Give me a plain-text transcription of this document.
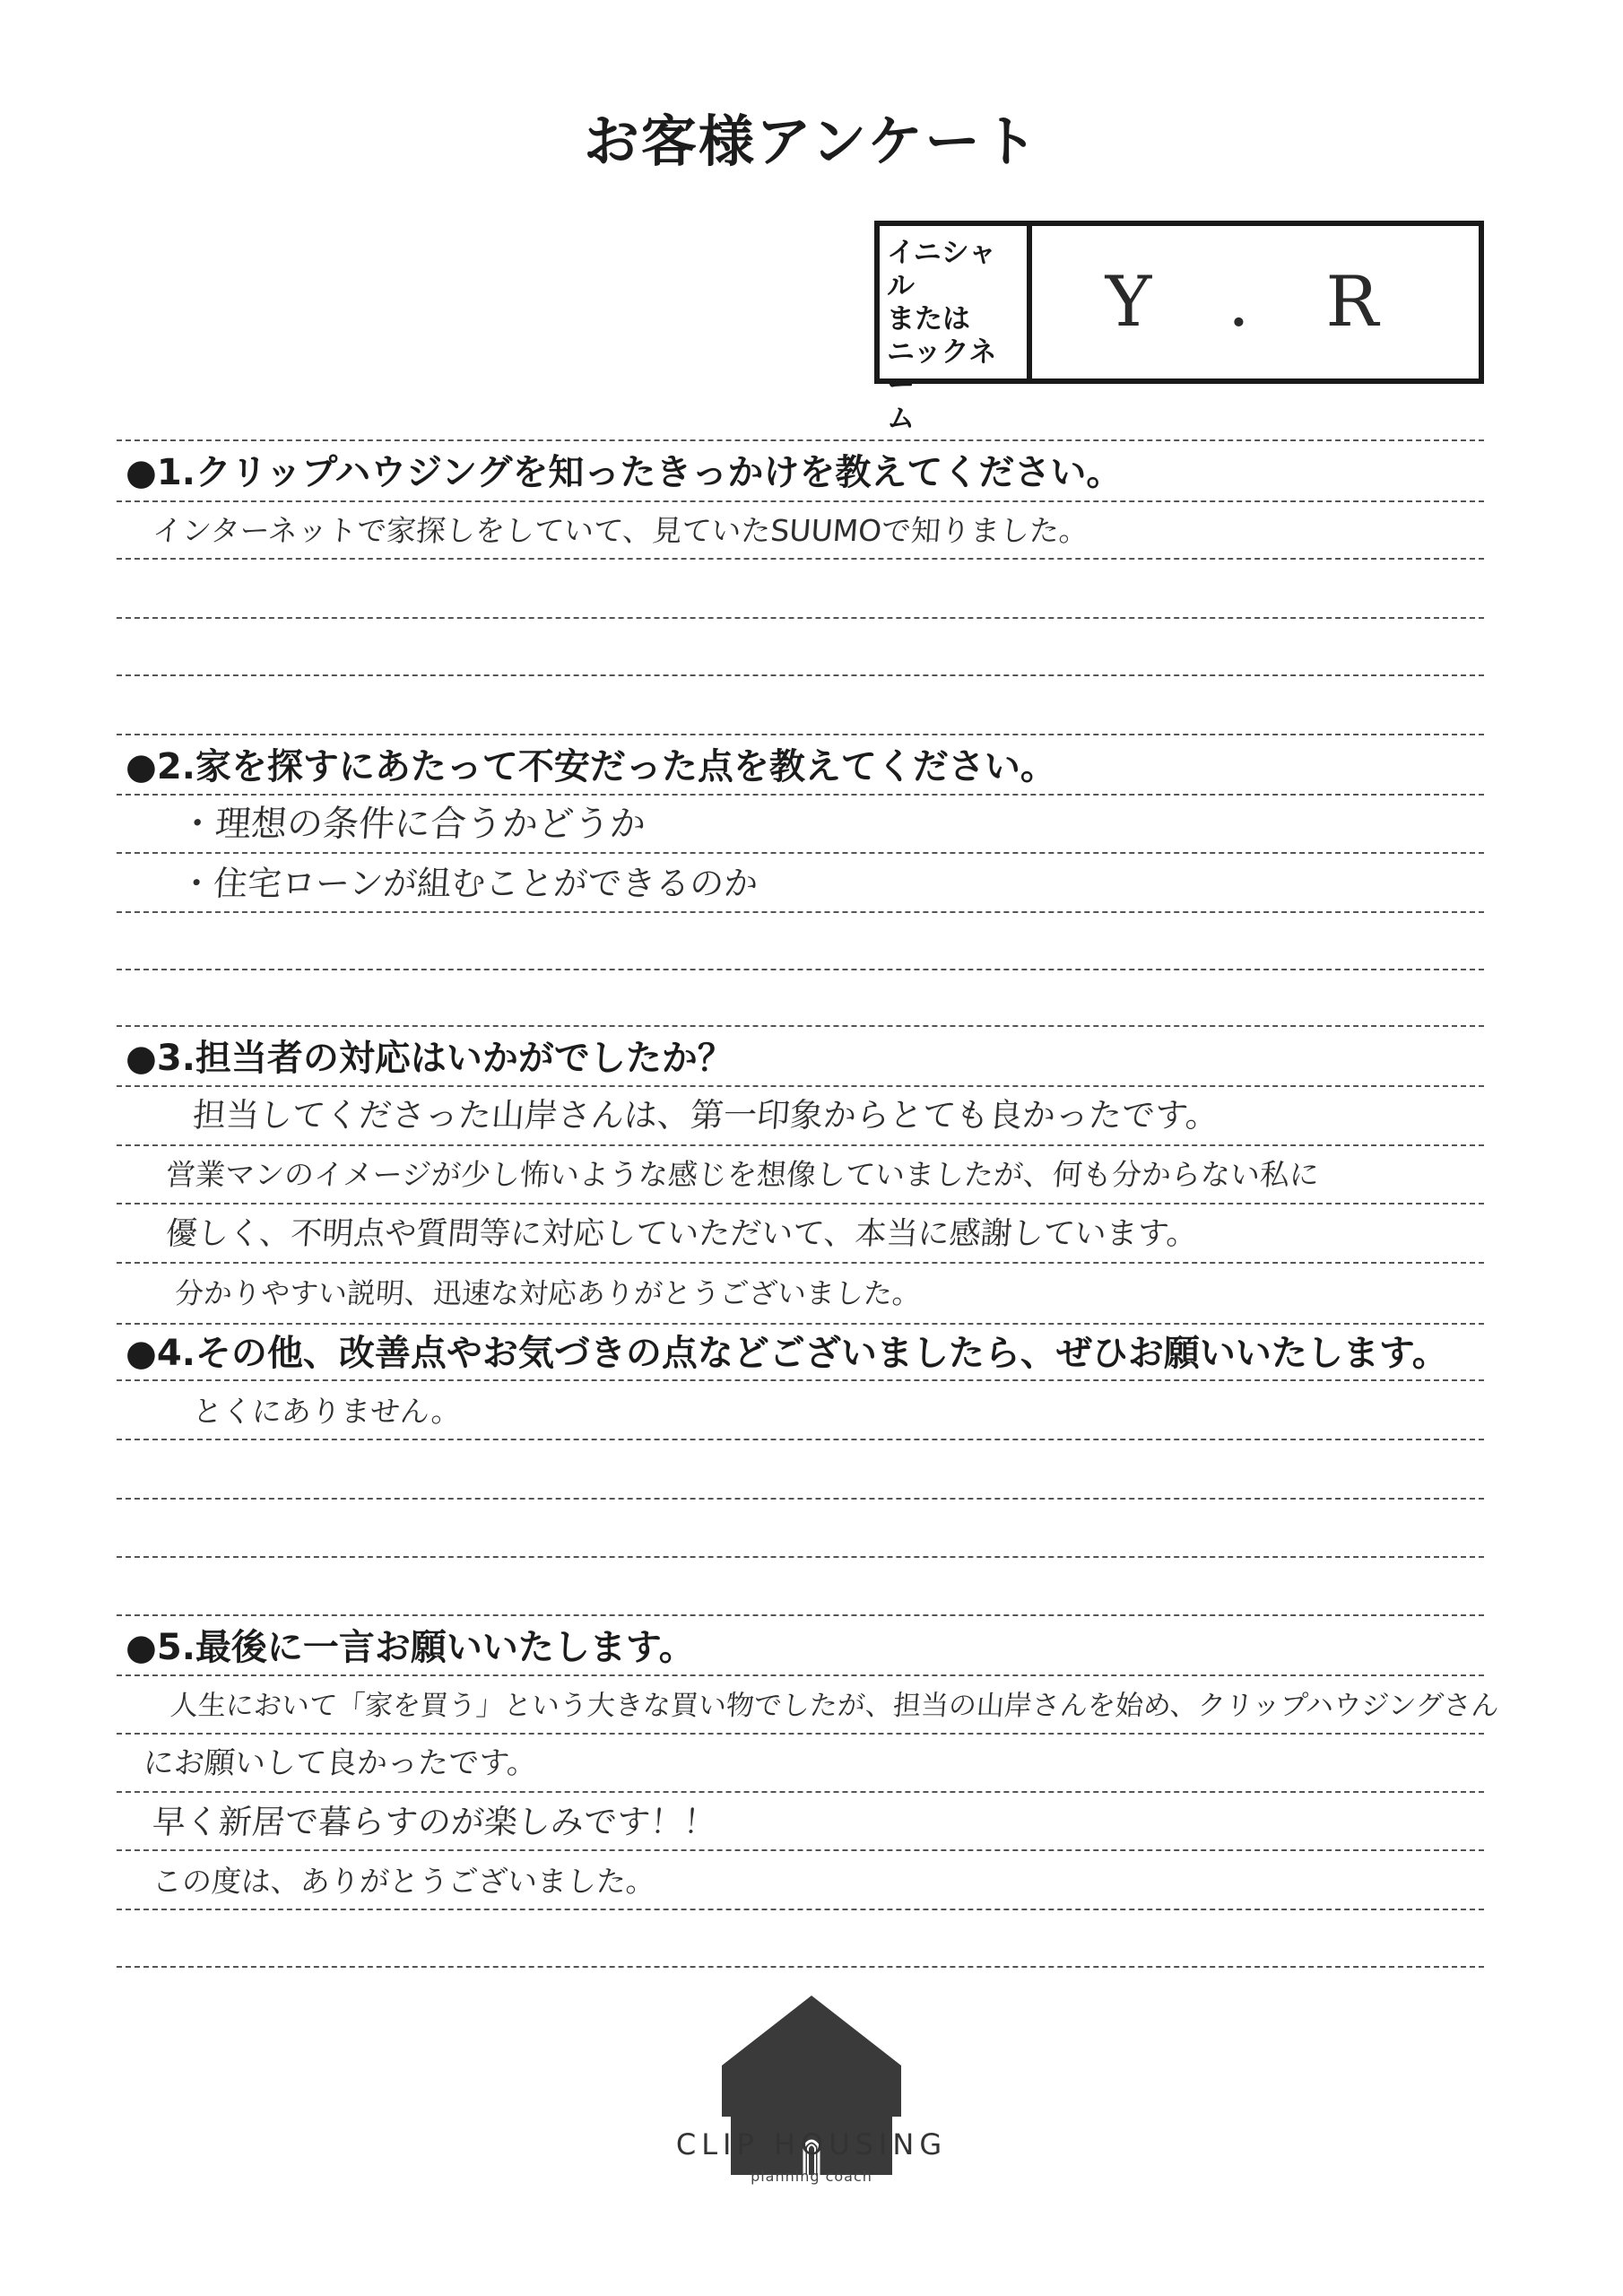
お客様アンケート
イニシャル
または
ニックネー
ム
Y . R
●1.クリップハウジングを知ったきっかけを教えてください。
インターネットで家探しをしていて、見ていたSUUMOで知りました。
●2.家を探すにあたって不安だった点を教えてください。
・理想の条件に合うかどうか
・住宅ローンが組むことができるのか
●3.担当者の対応はいかがでしたか？
担当してくださった山岸さんは、第一印象からとても良かったです。
営業マンのイメージが少し怖いような感じを想像していましたが、何も分からない私に
優しく、不明点や質問等に対応していただいて、本当に感謝しています。
分かりやすい説明、迅速な対応ありがとうございました。
●4.その他、改善点やお気づきの点などございましたら、ぜひお願いいたします。
とくにありません。
●5.最後に一言お願いいたします。
人生において「家を買う」という大きな買い物でしたが、担当の山岸さんを始め、クリップハウジングさん
にお願いして良かったです。
早く新居で暮らすのが楽しみです！！
この度は、ありがとうございました。
CLIP HOUSING
planning coach
